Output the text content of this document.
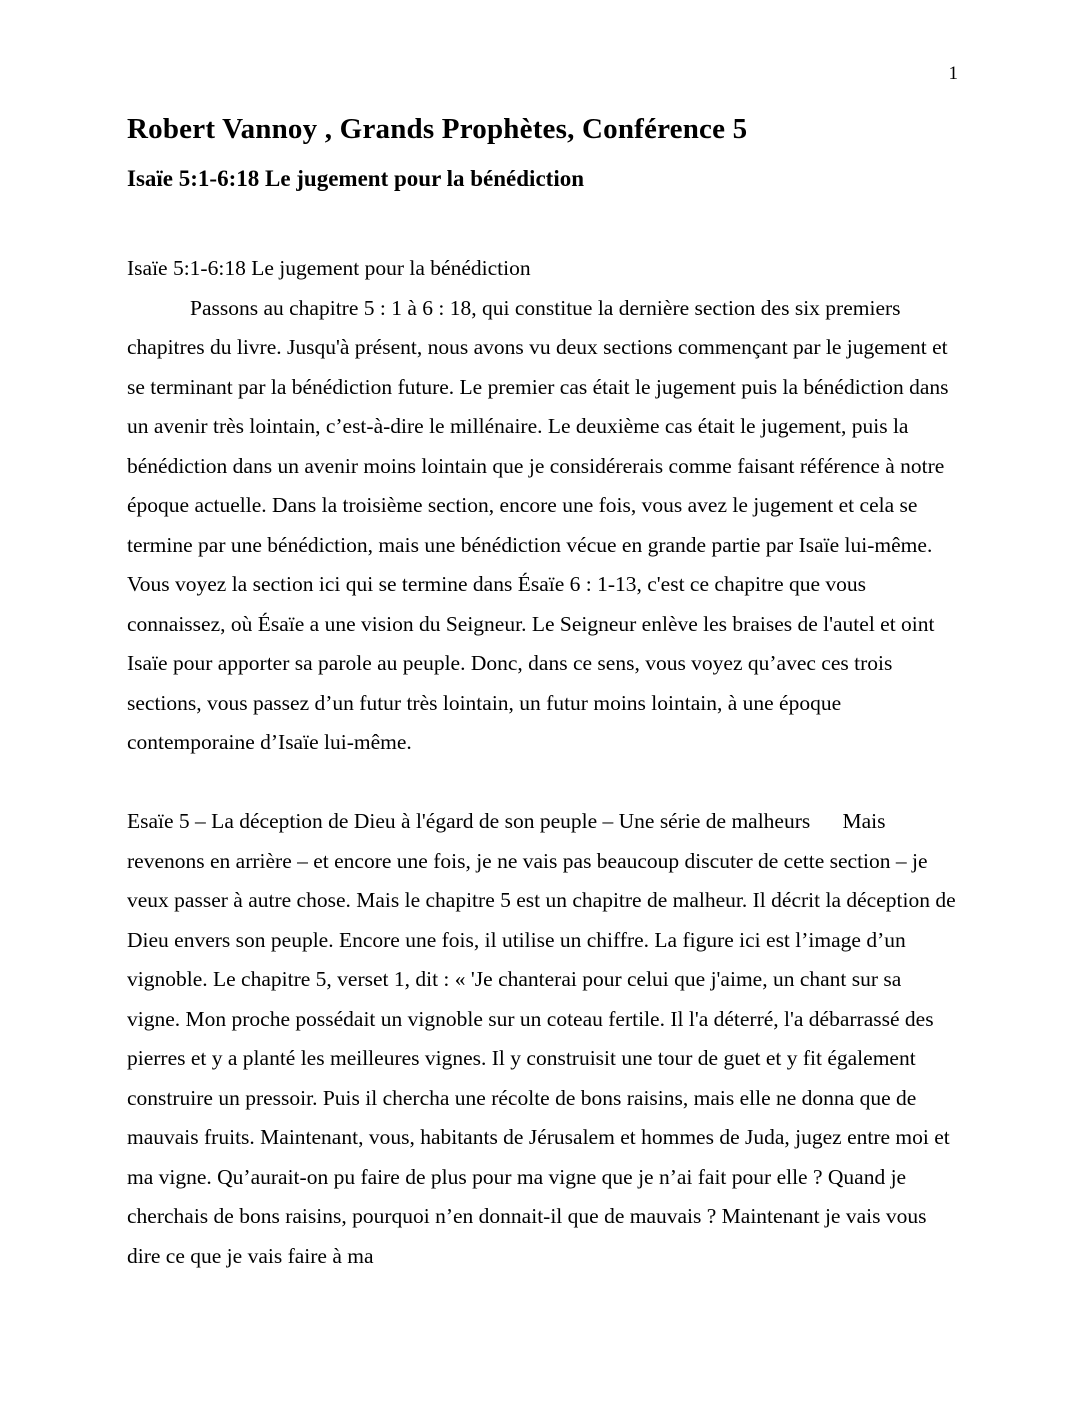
1
Robert Vannoy , Grands Prophètes, Conférence 5
Isaïe 5:1-6:18 Le jugement pour la bénédiction
Isaïe 5:1-6:18 Le jugement pour la bénédiction

Passons au chapitre 5 : 1 à 6 : 18, qui constitue la dernière section des six premiers chapitres du livre. Jusqu'à présent, nous avons vu deux sections commençant par le jugement et se terminant par la bénédiction future. Le premier cas était le jugement puis la bénédiction dans un avenir très lointain, c’est-à-dire le millénaire. Le deuxième cas était le jugement, puis la bénédiction dans un avenir moins lointain que je considérerais comme faisant référence à notre époque actuelle. Dans la troisième section, encore une fois, vous avez le jugement et cela se termine par une bénédiction, mais une bénédiction vécue en grande partie par Isaïe lui-même. Vous voyez la section ici qui se termine dans Ésaïe 6 : 1-13, c'est ce chapitre que vous connaissez, où Ésaïe a une vision du Seigneur. Le Seigneur enlève les braises de l'autel et oint Isaïe pour apporter sa parole au peuple. Donc, dans ce sens, vous voyez qu’avec ces trois sections, vous passez d’un futur très lointain, un futur moins lointain, à une époque contemporaine d’Isaïe lui-même.

Esaïe 5 – La déception de Dieu à l'égard de son peuple – Une série de malheurs      Mais revenons en arrière – et encore une fois, je ne vais pas beaucoup discuter de cette section – je veux passer à autre chose. Mais le chapitre 5 est un chapitre de malheur. Il décrit la déception de Dieu envers son peuple. Encore une fois, il utilise un chiffre. La figure ici est l’image d’un vignoble. Le chapitre 5, verset 1, dit : « 'Je chanterai pour celui que j'aime, un chant sur sa vigne. Mon proche possédait un vignoble sur un coteau fertile. Il l'a déterré, l'a débarrassé des pierres et y a planté les meilleures vignes. Il y construisit une tour de guet et y fit également construire un pressoir. Puis il chercha une récolte de bons raisins, mais elle ne donna que de mauvais fruits. Maintenant, vous, habitants de Jérusalem et hommes de Juda, jugez entre moi et ma vigne. Qu’aurait-on pu faire de plus pour ma vigne que je n’ai fait pour elle ? Quand je cherchais de bons raisins, pourquoi n’en donnait-il que de mauvais ? Maintenant je vais vous dire ce que je vais faire à ma
